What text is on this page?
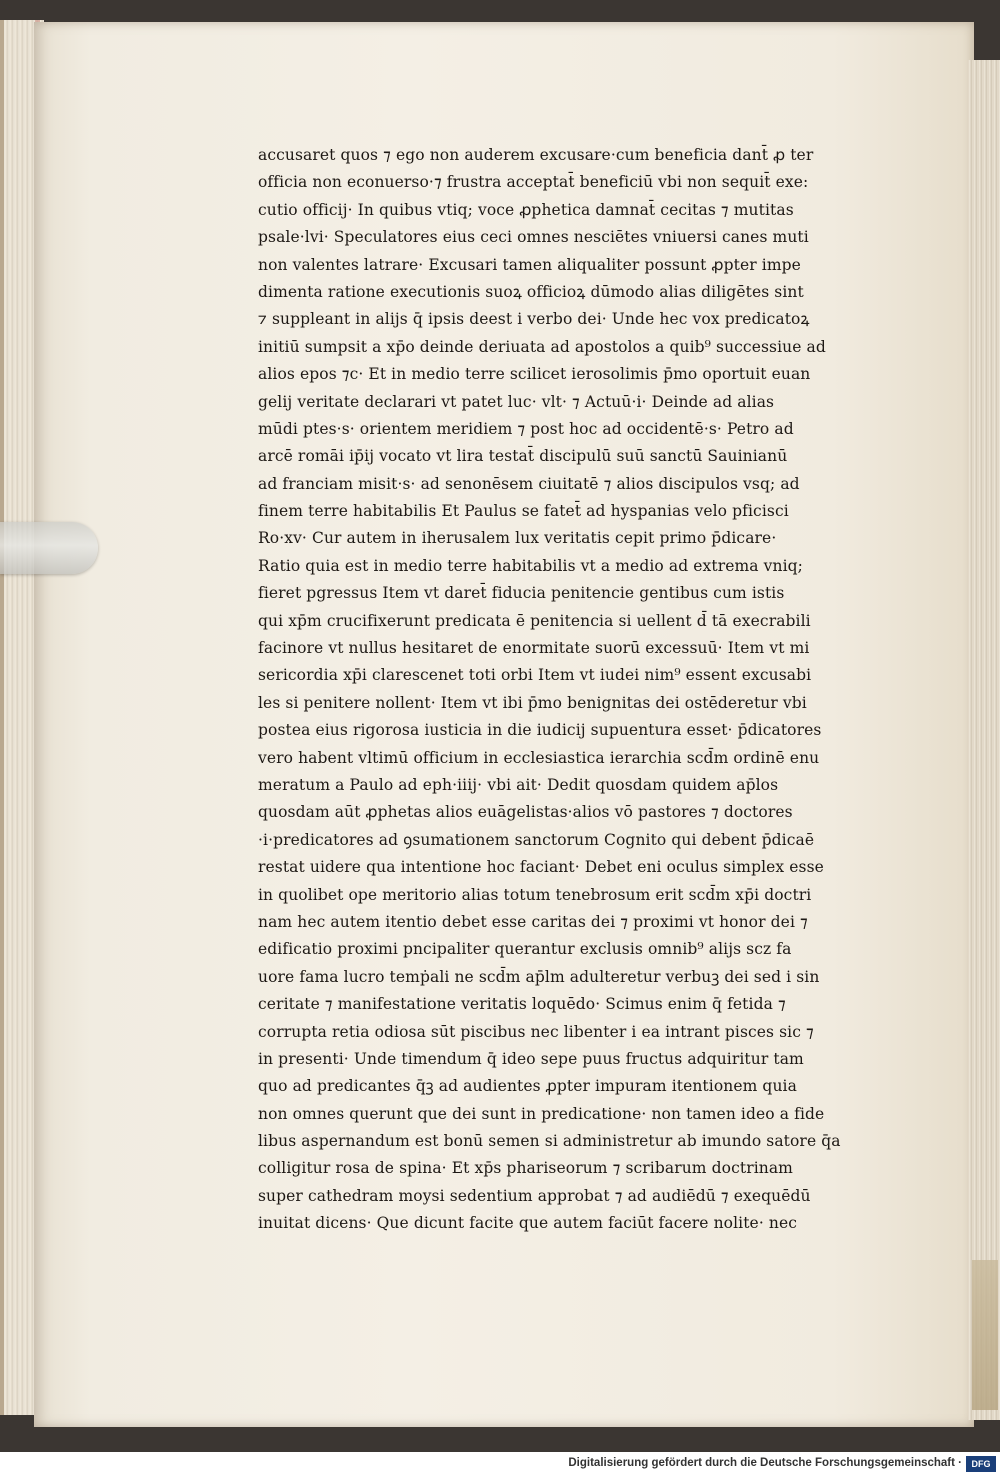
accusaret quos ⁊ ego non auderem excusare·cum beneficia dant̄ ꝓ ter
officia non econuerso·⁊ frustra acceptat̄ beneficiū vbi non sequit̄ exe:
cutio officij· In quibus vtiq; voce ꝓphetica damnat̄ cecitas ⁊ mutitas
psale·lvi· Speculatores eius ceci omnes nesciētes vniuersi canes muti
non valentes latrare· Excusari tamen aliqualiter possunt ꝓpter impe
dimenta ratione executionis suoꝝ officioꝝ dūmodo alias diligētes sint
⁊ suppleant in alijs q̄ ipsis deest i verbo dei· Unde hec vox predicatoꝝ
initiū sumpsit a xp̄o deinde deriuata ad apostolos a quib⁹ successiue ad
alios epos ⁊c· Et in medio terre scilicet ierosolimis p̄mo oportuit euan
gelij veritate declarari vt patet luc· vlt· ⁊ Actuū·i· Deinde ad alias
mūdi ptes·s· orientem meridiem ⁊ post hoc ad occidentē·s· Petro ad
arcē romāi ip̄ij vocato vt lira testat̄ discipulū suū sanctū Sauinianū
ad franciam misit·s· ad senonēsem ciuitatē ⁊ alios discipulos vsq; ad
finem terre habitabilis Et Paulus se fatet̄ ad hyspanias velo pficisci
Ro·xv· Cur autem in iherusalem lux veritatis cepit primo p̄dicare·
Ratio quia est in medio terre habitabilis vt a medio ad extrema vniq;
fieret pgressus Item vt daret̄ fiducia penitencie gentibus cum istis
qui xp̄m crucifixerunt predicata ē penitencia si uellent d̄ tā execrabili
facinore vt nullus hesitaret de enormitate suorū excessuū· Item vt mi
sericordia xp̄i clarescenet toti orbi Item vt iudei nim⁹ essent excusabi
les si penitere nollent· Item vt ibi p̄mo benignitas dei ostēderetur vbi
postea eius rigorosa iusticia in die iudicij supuentura esset· p̄dicatores
vero habent vltimū officium in ecclesiastica ierarchia scd̄m ordinē enu
meratum a Paulo ad eph·iiij· vbi ait· Dedit quosdam quidem ap̄los
quosdam aūt ꝓphetas alios euāgelistas·alios vō pastores ⁊ doctores
·i·predicatores ad ꝯsumationem sanctorum Cognito qui debent p̄dicaē
restat uidere qua intentione hoc faciant· Debet eni oculus simplex esse
in quolibet ope meritorio alias totum tenebrosum erit scd̄m xp̄i doctri
nam hec autem itentio debet esse caritas dei ⁊ proximi vt honor dei ⁊
edificatio proximi pncipaliter querantur exclusis omnib⁹ alijs scz fa
uore fama lucro temṗali ne scd̄m ap̄lm adulteretur verbuꝫ dei sed i sin
ceritate ⁊ manifestatione veritatis loquēdo· Scimus enim q̄ fetida ⁊
corrupta retia odiosa sūt piscibus nec libenter i ea intrant pisces sic ⁊
in presenti· Unde timendum q̄ ideo sepe puus fructus adquiritur tam
quo ad predicantes q̄ꝫ ad audientes ꝓpter impuram itentionem quia
non omnes querunt que dei sunt in predicatione· non tamen ideo a fide
libus aspernandum est bonū semen si administretur ab imundo satore q̄a
colligitur rosa de spina· Et xp̄s phariseorum ⁊ scribarum doctrinam
super cathedram moysi sedentium approbat ⁊ ad audiēdū ⁊ exequēdū
inuitat dicens· Que dicunt facite que autem faciūt facere nolite· nec
Digitalisierung gefördert durch die Deutsche Forschungsgemeinschaft ·	DFG
